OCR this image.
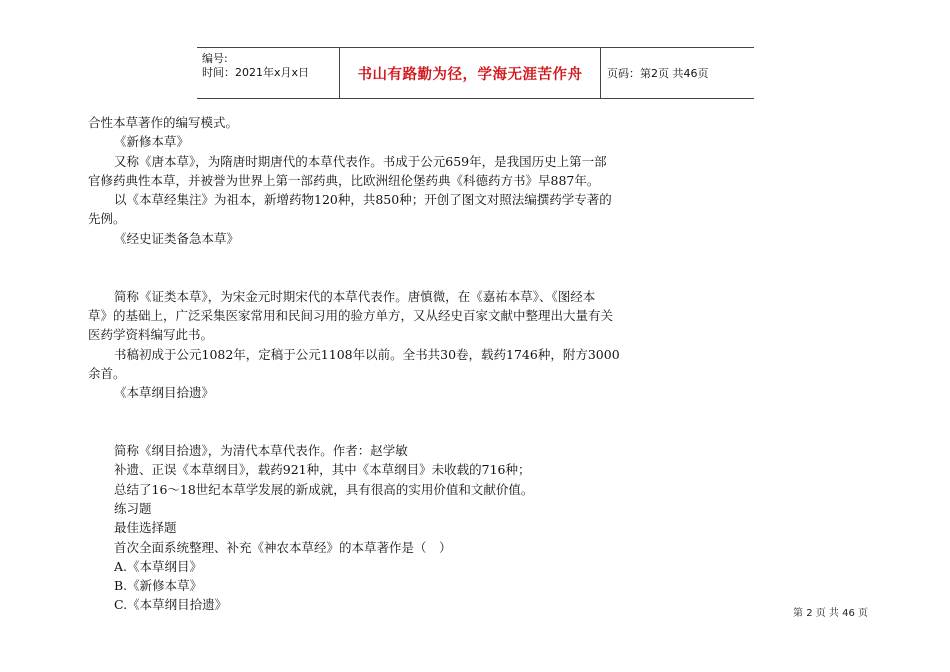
编号:
时间：2021年x月x日	书山有路勤为径，学海无涯苦作舟	页码：第2页 共46页
合性本草著作的编写模式。
《新修本草》
又称《唐本草》，为隋唐时期唐代的本草代表作。书成于公元659年，是我国历史上第一部
官修药典性本草，并被誉为世界上第一部药典，比欧洲纽伦堡药典《科德药方书》早887年。
以《本草经集注》为祖本，新增药物120种，共850种；开创了图文对照法编撰药学专著的
先例。
《经史证类备急本草》
简称《证类本草》，为宋金元时期宋代的本草代表作。唐慎微，在《嘉祐本草》、《图经本
草》的基础上，广泛采集医家常用和民间习用的验方单方，又从经史百家文献中整理出大量有关
医药学资料编写此书。
书稿初成于公元1082年，定稿于公元1108年以前。全书共30卷，载药1746种，附方3000
余首。
《本草纲目拾遗》
简称《纲目拾遗》，为清代本草代表作。作者：赵学敏
补遗、正误《本草纲目》，载药921种，其中《本草纲目》未收载的716种；
总结了16～18世纪本草学发展的新成就，具有很高的实用价值和文献价值。
练习题
最佳选择题
首次全面系统整理、补充《神农本草经》的本草著作是（　）
A.《本草纲目》
B.《新修本草》
C.《本草纲目拾遗》
第 2 页 共 46 页
